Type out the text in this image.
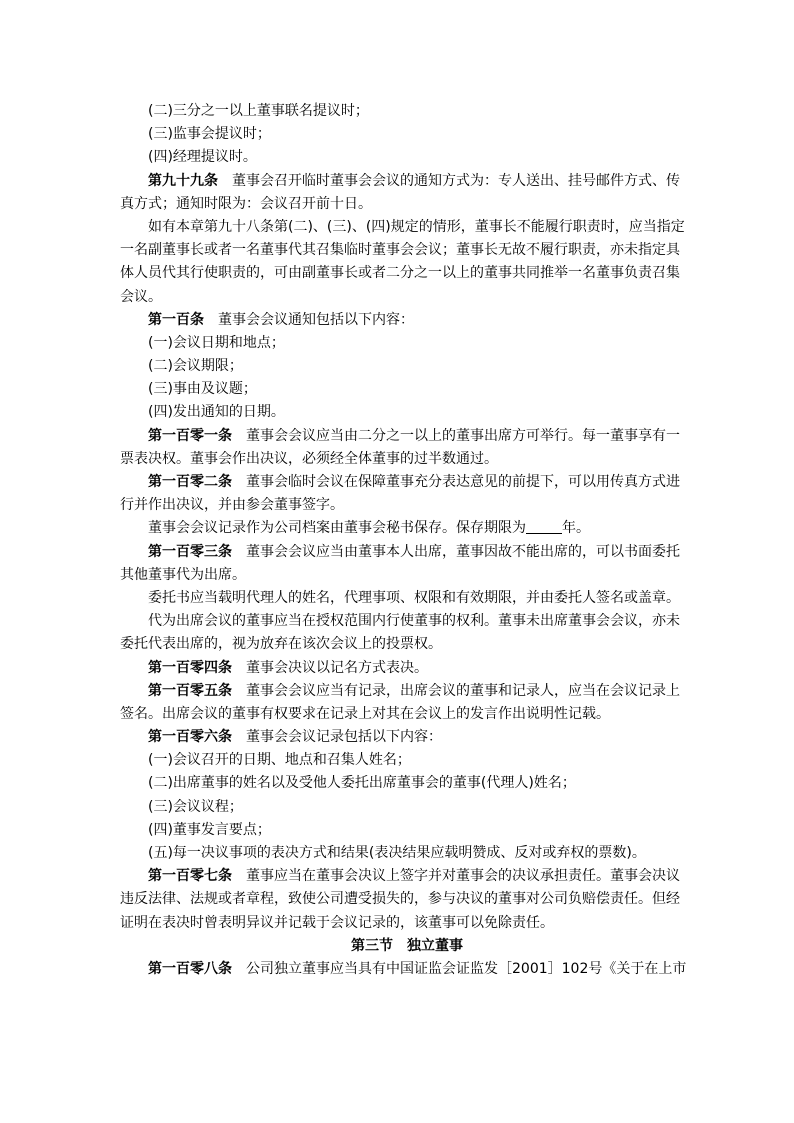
(二)三分之一以上董事联名提议时；
(三)监事会提议时；
(四)经理提议时。
第九十九条 董事会召开临时董事会会议的通知方式为：专人送出、挂号邮件方式、传
真方式；通知时限为：会议召开前十日。
如有本章第九十八条第(二)、(三)、(四)规定的情形，董事长不能履行职责时，应当指定
一名副董事长或者一名董事代其召集临时董事会会议；董事长无故不履行职责，亦未指定具
体人员代其行使职责的，可由副董事长或者二分之一以上的董事共同推举一名董事负责召集
会议。
第一百条 董事会会议通知包括以下内容：
(一)会议日期和地点；
(二)会议期限；
(三)事由及议题；
(四)发出通知的日期。
第一百零一条 董事会会议应当由二分之一以上的董事出席方可举行。每一董事享有一
票表决权。董事会作出决议，必须经全体董事的过半数通过。
第一百零二条 董事会临时会议在保障董事充分表达意见的前提下，可以用传真方式进
行并作出决议，并由参会董事签字。
董事会会议记录作为公司档案由董事会秘书保存。保存期限为	年。
第一百零三条 董事会会议应当由董事本人出席，董事因故不能出席的，可以书面委托
其他董事代为出席。
委托书应当载明代理人的姓名，代理事项、权限和有效期限，并由委托人签名或盖章。
代为出席会议的董事应当在授权范围内行使董事的权利。董事未出席董事会会议，亦未
委托代表出席的，视为放弃在该次会议上的投票权。
第一百零四条 董事会决议以记名方式表决。
第一百零五条 董事会会议应当有记录，出席会议的董事和记录人，应当在会议记录上
签名。出席会议的董事有权要求在记录上对其在会议上的发言作出说明性记载。
第一百零六条 董事会会议记录包括以下内容：
(一)会议召开的日期、地点和召集人姓名；
(二)出席董事的姓名以及受他人委托出席董事会的董事(代理人)姓名；
(三)会议议程；
(四)董事发言要点；
(五)每一决议事项的表决方式和结果(表决结果应载明赞成、反对或弃权的票数)。
第一百零七条 董事应当在董事会决议上签字并对董事会的决议承担责任。董事会决议
违反法律、法规或者章程，致使公司遭受损失的，参与决议的董事对公司负赔偿责任。但经
证明在表决时曾表明异议并记载于会议记录的，该董事可以免除责任。
第三节　独立董事
第一百零八条 公司独立董事应当具有中国证监会证监发［2001］102号《关于在上市
